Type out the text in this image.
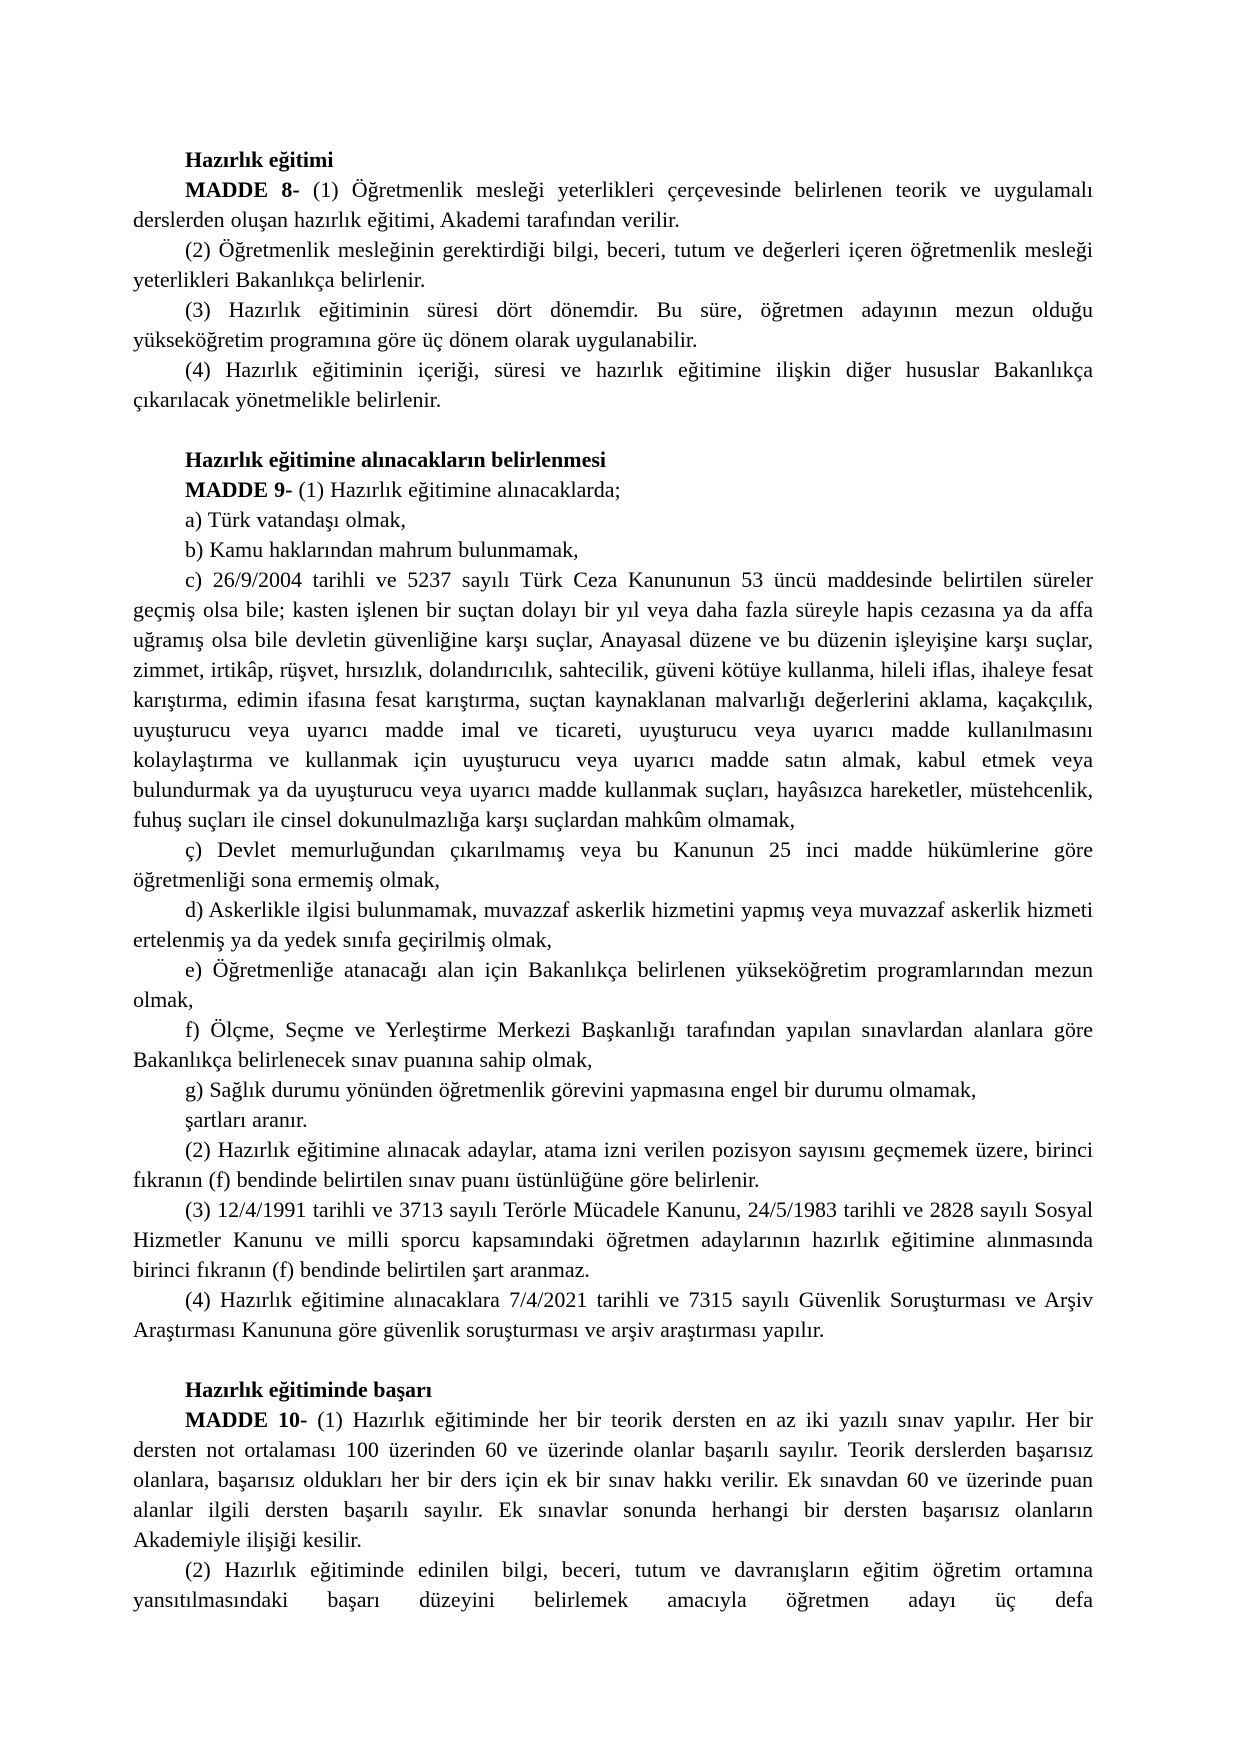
Hazırlık eğitimi

MADDE 8- (1) Öğretmenlik mesleği yeterlikleri çerçevesinde belirlenen teorik ve uygulamalı derslerden oluşan hazırlık eğitimi, Akademi tarafından verilir.

(2) Öğretmenlik mesleğinin gerektirdiği bilgi, beceri, tutum ve değerleri içeren öğretmenlik mesleği yeterlikleri Bakanlıkça belirlenir.

(3) Hazırlık eğitiminin süresi dört dönemdir. Bu süre, öğretmen adayının mezun olduğu yükseköğretim programına göre üç dönem olarak uygulanabilir.

(4) Hazırlık eğitiminin içeriği, süresi ve hazırlık eğitimine ilişkin diğer hususlar Bakanlıkça çıkarılacak yönetmelikle belirlenir.

Hazırlık eğitimine alınacakların belirlenmesi

MADDE 9- (1) Hazırlık eğitimine alınacaklarda;

a) Türk vatandaşı olmak,

b) Kamu haklarından mahrum bulunmamak,

c) 26/9/2004 tarihli ve 5237 sayılı Türk Ceza Kanununun 53 üncü maddesinde belirtilen süreler geçmiş olsa bile; kasten işlenen bir suçtan dolayı bir yıl veya daha fazla süreyle hapis cezasına ya da affa uğramış olsa bile devletin güvenliğine karşı suçlar, Anayasal düzene ve bu düzenin işleyişine karşı suçlar, zimmet, irtikâp, rüşvet, hırsızlık, dolandırıcılık, sahtecilik, güveni kötüye kullanma, hileli iflas, ihaleye fesat karıştırma, edimin ifasına fesat karıştırma, suçtan kaynaklanan malvarlığı değerlerini aklama, kaçakçılık, uyuşturucu veya uyarıcı madde imal ve ticareti, uyuşturucu veya uyarıcı madde kullanılmasını kolaylaştırma ve kullanmak için uyuşturucu veya uyarıcı madde satın almak, kabul etmek veya bulundurmak ya da uyuşturucu veya uyarıcı madde kullanmak suçları, hayâsızca hareketler, müstehcenlik, fuhuş suçları ile cinsel dokunulmazlığa karşı suçlardan mahkûm olmamak,

ç) Devlet memurluğundan çıkarılmamış veya bu Kanunun 25 inci madde hükümlerine göre öğretmenliği sona ermemiş olmak,

d) Askerlikle ilgisi bulunmamak, muvazzaf askerlik hizmetini yapmış veya muvazzaf askerlik hizmeti ertelenmiş ya da yedek sınıfa geçirilmiş olmak,

e) Öğretmenliğe atanacağı alan için Bakanlıkça belirlenen yükseköğretim programlarından mezun olmak,

f) Ölçme, Seçme ve Yerleştirme Merkezi Başkanlığı tarafından yapılan sınavlardan alanlara göre Bakanlıkça belirlenecek sınav puanına sahip olmak,

g) Sağlık durumu yönünden öğretmenlik görevini yapmasına engel bir durumu olmamak,

şartları aranır.

(2) Hazırlık eğitimine alınacak adaylar, atama izni verilen pozisyon sayısını geçmemek üzere, birinci fıkranın (f) bendinde belirtilen sınav puanı üstünlüğüne göre belirlenir.

(3) 12/4/1991 tarihli ve 3713 sayılı Terörle Mücadele Kanunu, 24/5/1983 tarihli ve 2828 sayılı Sosyal Hizmetler Kanunu ve milli sporcu kapsamındaki öğretmen adaylarının hazırlık eğitimine alınmasında birinci fıkranın (f) bendinde belirtilen şart aranmaz.

(4) Hazırlık eğitimine alınacaklara 7/4/2021 tarihli ve 7315 sayılı Güvenlik Soruşturması ve Arşiv Araştırması Kanununa göre güvenlik soruşturması ve arşiv araştırması yapılır.

Hazırlık eğitiminde başarı

MADDE 10- (1) Hazırlık eğitiminde her bir teorik dersten en az iki yazılı sınav yapılır. Her bir dersten not ortalaması 100 üzerinden 60 ve üzerinde olanlar başarılı sayılır. Teorik derslerden başarısız olanlara, başarısız oldukları her bir ders için ek bir sınav hakkı verilir. Ek sınavdan 60 ve üzerinde puan alanlar ilgili dersten başarılı sayılır. Ek sınavlar sonunda herhangi bir dersten başarısız olanların Akademiyle ilişiği kesilir.

(2) Hazırlık eğitiminde edinilen bilgi, beceri, tutum ve davranışların eğitim öğretim ortamına yansıtılmasındaki başarı düzeyini belirlemek amacıyla öğretmen adayı üç defa
